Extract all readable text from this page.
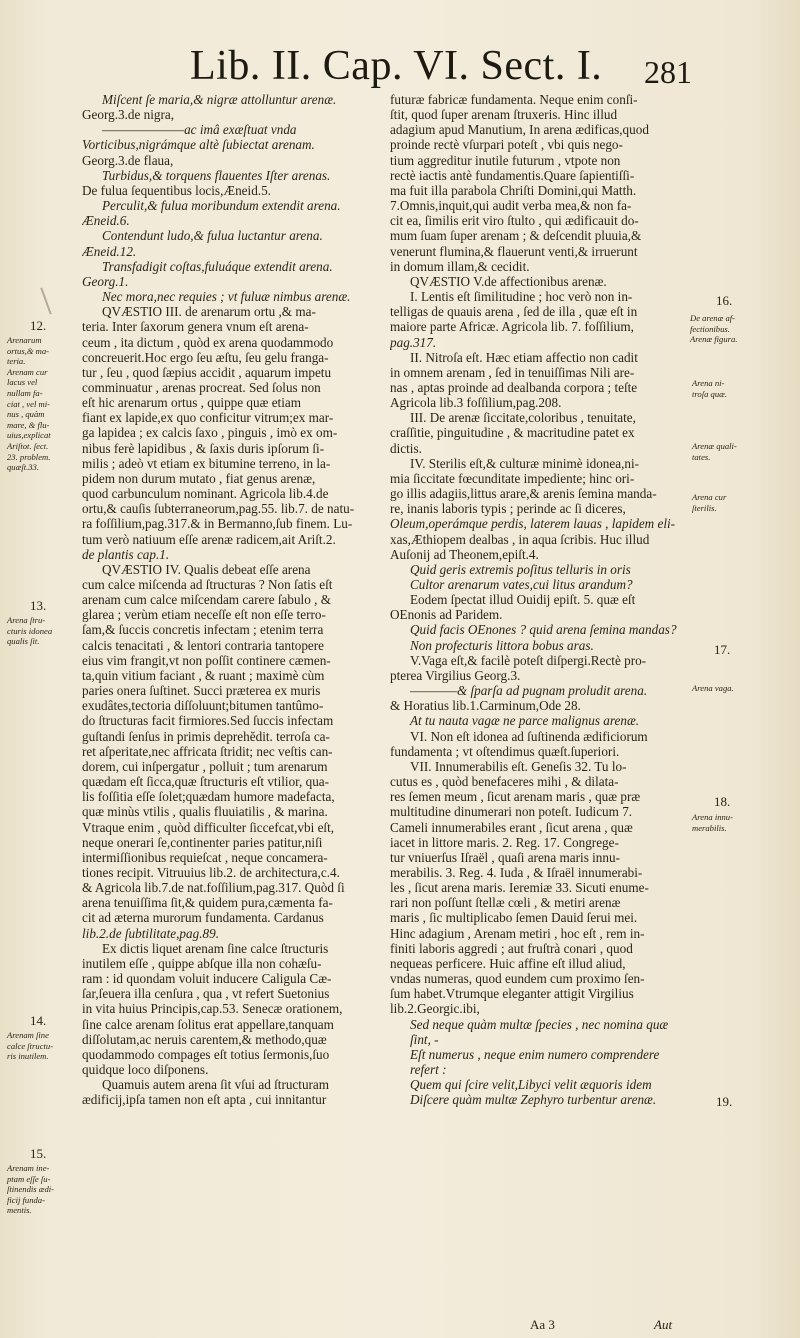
Lib. II. Cap. VI. Sect. I. 281

Miſcent ſe maria,& nigræ attolluntur arenæ.

Georg.3.de nigra,

———————ac imâ exæſtuat vnda

Vorticibus,nigrámque altè ſubiectat arenam.

Georg.3.de flaua,

Turbidus,& torquens flauentes Iſter arenas.

De fulua ſequentibus locis,Æneid.5.

Perculit,& fulua moribundum extendit arena.

Æneid.6.

Contendunt ludo,& fulua luctantur arena.

Æneid.12.

Transfadigit coſtas,fuluáque extendit arena.

Georg.1.

Nec mora,nec requies ; vt fuluæ nimbus arenæ.

QVÆSTIO III. de arenarum ortu ,& ma-

teria. Inter ſaxorum genera vnum eſt arena-

ceum , ita dictum , quòd ex arena quodammodo

concreuerit.Hoc ergo ſeu æſtu, ſeu gelu franga-

tur , ſeu , quod ſæpius accidit , aquarum impetu

comminuatur , arenas procreat. Sed ſolus non

eſt hic arenarum ortus , quippe quæ etiam

fiant ex lapide,ex quo conficitur vitrum;ex mar-

ga lapidea ; ex calcis ſaxo , pinguis , imò ex om-

nibus ferè lapidibus , & ſaxis duris ipſorum ſi-

milis ; adeò vt etiam ex bitumine terreno, in la-

pidem non durum mutato , fiat genus arenæ,

quod carbunculum nominant. Agricola lib.4.de

ortu,& cauſis ſubterraneorum,pag.55. lib.7. de natu-

ra foſſilium,pag.317.& in Bermanno,ſub finem. Lu-

tum verò natiuum eſſe arenæ radicem,ait Ariſt.2.

de plantis cap.1.

QVÆSTIO IV. Qualis debeat eſſe arena

cum calce miſcenda ad ſtructuras ? Non ſatis eſt

arenam cum calce miſcendam carere ſabulo , &

glarea ; verùm etiam neceſſe eſt non eſſe terro-

ſam,& ſuccis concretis infectam ; etenim terra

calcis tenacitati , & lentori contraria tantopere

eius vim frangit,vt non poſſit continere cæmen-

ta,quin vitium faciant , & ruant ; maximè cùm

paries onera ſuſtinet. Succi præterea ex muris

exudâtes,tectoria diſſoluunt;bitumen tantûmo-

do ſtructuras facit firmiores.Sed ſuccis infectam

guſtandi ſenſus in primis deprehĕdit. terroſa ca-

ret aſperitate,nec affricata ſtridit; nec veſtis can-

dorem, cui inſpergatur , polluit ; tum arenarum

quædam eſt ſicca,quæ ſtructuris eſt vtilior, qua-

lis foſſitia eſſe ſolet;quædam humore madefacta,

quæ minùs vtilis , qualis fluuiatilis , & marina.

Vtraque enim , quòd difficulter ſiccefcat,vbi eſt,

neque onerari ſe,continenter paries patitur,niſi

intermiſſionibus requieſcat , neque concamera-

tiones recipit. Vitruuius lib.2. de architectura,c.4.

& Agricola lib.7.de nat.foſſilium,pag.317. Quòd ſi

arena tenuiſſima ſit,& quidem pura,cæmenta fa-

cit ad æterna murorum fundamenta. Cardanus

lib.2.de ſubtilitate,pag.89.

Ex dictis liquet arenam ſine calce ſtructuris

inutilem eſſe , quippe abſque illa non cohæſu-

ram : id quondam voluit inducere Caligula Cæ-

ſar,ſeuera illa cenſura , qua , vt refert Suetonius

in vita huius Principis,cap.53. Senecæ orationem,

ſine calce arenam ſolitus erat appellare,tanquam

diſſolutam,ac neruis carentem,& methodo,quæ

quodammodo compages eſt totius ſermonis,ſuo

quidque loco diſponens.

Quamuis autem arena ſit vſui ad ſtructuram

ædificij,ipſa tamen non eſt apta , cui innitantur

futuræ fabricæ fundamenta. Neque enim conſi-

ſtit, quod ſuper arenam ſtruxeris. Hinc illud

adagium apud Manutium, In arena ædificas,quod

proinde rectè vſurpari poteſt , vbi quis nego-

tium aggreditur inutile futurum , vtpote non

rectè iactis antè fundamentis.Quare ſapientiſſi-

ma fuit illa parabola Chriſti Domini,qui Matth.

7.Omnis,inquit,qui audit verba mea,& non fa-

cit ea, ſimilis erit viro ſtulto , qui ædificauit do-

mum ſuam ſuper arenam ; & deſcendit pluuia,&

venerunt flumina,& flauerunt venti,& irruerunt

in domum illam,& cecidit.

QVÆSTIO V.de affectionibus arenæ.

I. Lentis eſt ſimilitudine ; hoc verò non in-

telligas de quauis arena , ſed de illa , quæ eſt in

maiore parte Africæ. Agricola lib. 7. foſſilium,

pag.317.

II. Nitroſa eſt. Hæc etiam affectio non cadit

in omnem arenam , ſed in tenuiſſimas Nili are-

nas , aptas proinde ad dealbanda corpora ; teſte

Agricola lib.3 foſſilium,pag.208.

III. De arenæ ſiccitate,coloribus , tenuitate,

craſſitie, pinguitudine , & macritudine patet ex

dictis.

IV. Sterilis eſt,& culturæ minimè idonea,ni-

mia ſiccitate fœcunditate impediente; hinc ori-

go illis adagiis,littus arare,& arenis ſemina manda-

re, inanis laboris typis ; perinde ac ſi diceres,

Oleum,operámque perdis, laterem lauas , lapidem eli-

xas,Æthiopem dealbas , in aqua ſcribis. Huc illud

Auſonij ad Theonem,epiſt.4.

Quid geris extremis poſitus telluris in oris

Cultor arenarum vates,cui litus arandum?

Eodem ſpectat illud Ouidij epiſt. 5. quæ eſt

OEnonis ad Paridem.

Quid facis OEnones ? quid arena ſemina mandas?

Non profecturis littora bobus aras.

V.Vaga eſt,& facilè poteſt diſpergi.Rectè pro-

pterea Virgilius Georg.3.

————& ſparſa ad pugnam proludit arena.

& Horatius lib.1.Carminum,Ode 28.

At tu nauta vagæ ne parce malignus arenæ.

VI. Non eſt idonea ad ſuſtinenda ædificiorum

fundamenta ; vt oſtendimus quæſt.ſuperiori.

VII. Innumerabilis eſt. Geneſis 32. Tu lo-

cutus es , quòd benefaceres mihi , & dilata-

res ſemen meum , ſicut arenam maris , quæ præ

multitudine dinumerari non poteſt. Iudicum 7.

Cameli innumerabiles erant , ſicut arena , quæ

iacet in littore maris. 2. Reg. 17. Congrege-

tur vniuerſus Iſraël , quaſi arena maris innu-

merabilis. 3. Reg. 4. Iuda , & Iſraël innumerabi-

les , ſicut arena maris. Ieremiæ 33. Sicuti enume-

rari non poſſunt ſtellæ cœli , & metiri arenæ

maris , ſic multiplicabo ſemen Dauid ſerui mei.

Hinc adagium , Arenam metiri , hoc eſt , rem in-

finiti laboris aggredi ; aut fruſtrà conari , quod

nequeas perficere. Huic affine eſt illud aliud,

vndas numeras, quod eundem cum proximo ſen-

ſum habet.Vtrumque eleganter attigit Virgilius

lib.2.Georgic.ibi,

Sed neque quàm multæ ſpecies , nec nomina quæ

ſint, -

Eſt numerus , neque enim numero comprendere

refert :

Quem qui ſcire velit,Libyci velit æquoris idem

Diſcere quàm multæ Zephyro turbentur arenæ.

12.

Arenarum

ortus,& ma-

teria.

Arenam cur

lacus vel

nullam fa-

ciat , vel mi-

nus , quàm

mare, & flu-

uius,explicat

Ariſtot. ſect.

23. problem.

quæſt.33.

13.

Arena ſtru-

cturis idonea

qualis ſit.

14.

Arenam ſine

calce ſtructu-

ris inutilem.

15.

Arenam ine-

ptam eſſe ſu-

ſtinendis ædi-

ficij funda-

mentis.

16.

De arenæ af-

fectionibus.

Arenæ figura.

Arena ni-

troſa quæ.

Arenæ quali-

tates.

Arena cur

ſterilis.

17.

Arena vaga.

18.

Arena innu-

merabilis.

19.
Aa 3	Aut
